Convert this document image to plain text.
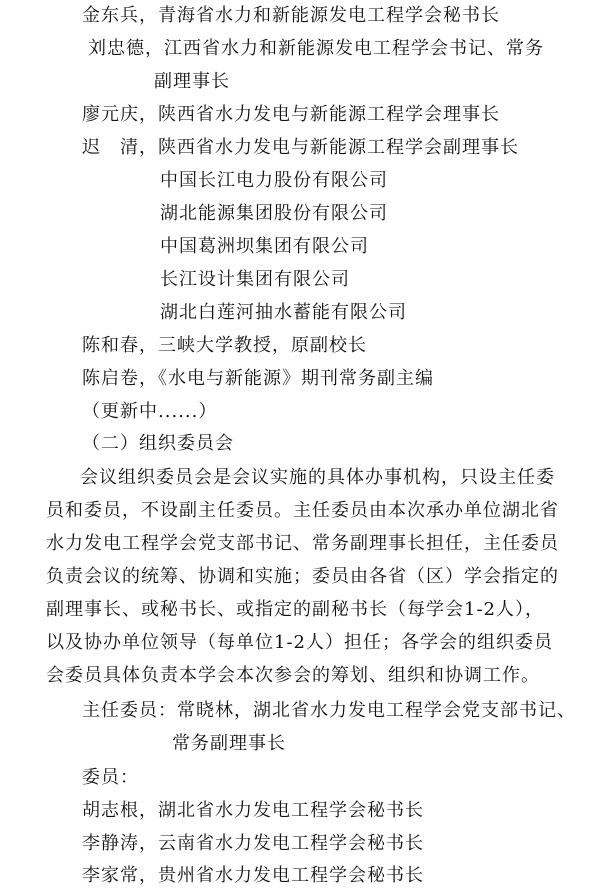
金东兵，青海省水力和新能源发电工程学会秘书长
刘忠德，江西省水力和新能源发电工程学会书记、常务
副理事长
廖元庆，陕西省水力发电与新能源工程学会理事长
迟　清，陕西省水力发电与新能源工程学会副理事长
中国长江电力股份有限公司
湖北能源集团股份有限公司
中国葛洲坝集团有限公司
长江设计集团有限公司
湖北白莲河抽水蓄能有限公司
陈和春，三峡大学教授，原副校长
陈启卷，《水电与新能源》期刊常务副主编
（更新中......）
（二）组织委员会
会议组织委员会是会议实施的具体办事机构，只设主任委
员和委员，不设副主任委员。主任委员由本次承办单位湖北省
水力发电工程学会党支部书记、常务副理事长担任，主任委员
负责会议的统筹、协调和实施；委员由各省（区）学会指定的
副理事长、或秘书长、或指定的副秘书长（每学会1-2人），
以及协办单位领导（每单位1-2人）担任；各学会的组织委员
会委员具体负责本学会本次参会的筹划、组织和协调工作。
主任委员：常晓林，湖北省水力发电工程学会党支部书记、
常务副理事长
委员：
胡志根，湖北省水力发电工程学会秘书长
李静涛，云南省水力发电工程学会秘书长
李家常，贵州省水力发电工程学会秘书长
